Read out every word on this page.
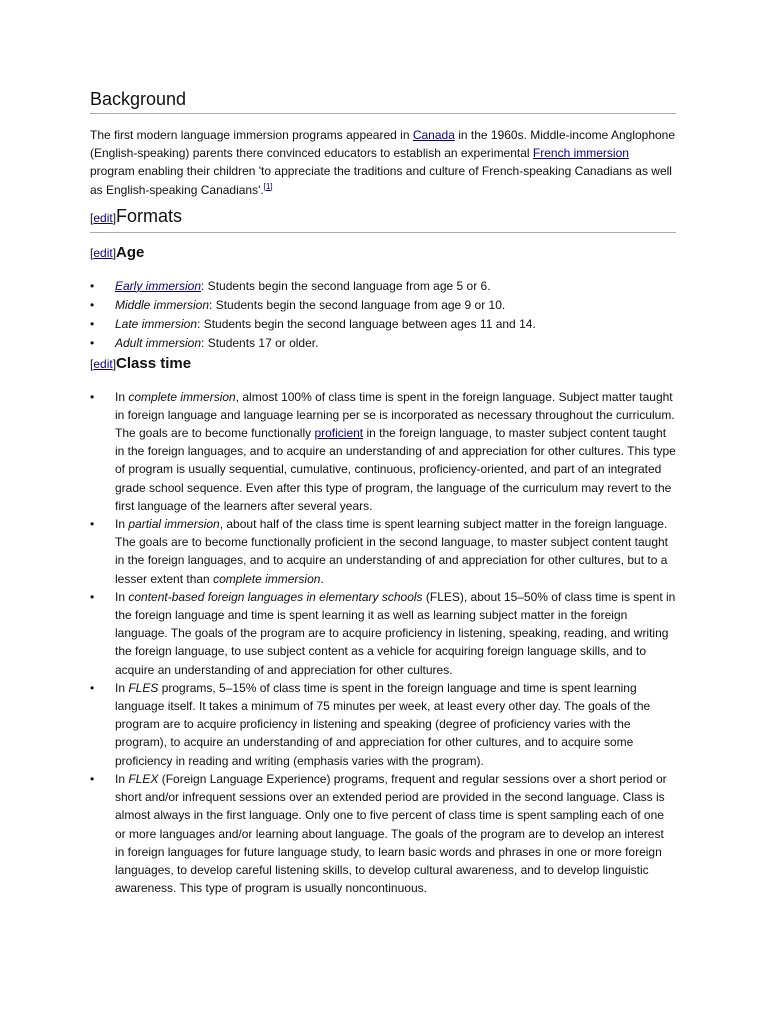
Background

The first modern language immersion programs appeared in Canada in the 1960s. Middle-income Anglophone (English-speaking) parents there convinced educators to establish an experimental French immersion program enabling their children 'to appreciate the traditions and culture of French-speaking Canadians as well as English-speaking Canadians'.[1]

[edit]Formats
[edit]Age
• Early immersion: Students begin the second language from age 5 or 6.
• Middle immersion: Students begin the second language from age 9 or 10.
• Late immersion: Students begin the second language between ages 11 and 14.
• Adult immersion: Students 17 or older.
[edit]Class time
• In complete immersion, almost 100% of class time is spent in the foreign language. Subject matter taught in foreign language and language learning per se is incorporated as necessary throughout the curriculum. The goals are to become functionally proficient in the foreign language, to master subject content taught in the foreign languages, and to acquire an understanding of and appreciation for other cultures. This type of program is usually sequential, cumulative, continuous, proficiency-oriented, and part of an integrated grade school sequence. Even after this type of program, the language of the curriculum may revert to the first language of the learners after several years.
• In partial immersion, about half of the class time is spent learning subject matter in the foreign language. The goals are to become functionally proficient in the second language, to master subject content taught in the foreign languages, and to acquire an understanding of and appreciation for other cultures, but to a lesser extent than complete immersion.
• In content-based foreign languages in elementary schools (FLES), about 15–50% of class time is spent in the foreign language and time is spent learning it as well as learning subject matter in the foreign language. The goals of the program are to acquire proficiency in listening, speaking, reading, and writing the foreign language, to use subject content as a vehicle for acquiring foreign language skills, and to acquire an understanding of and appreciation for other cultures.
• In FLES programs, 5–15% of class time is spent in the foreign language and time is spent learning language itself. It takes a minimum of 75 minutes per week, at least every other day. The goals of the program are to acquire proficiency in listening and speaking (degree of proficiency varies with the program), to acquire an understanding of and appreciation for other cultures, and to acquire some proficiency in reading and writing (emphasis varies with the program).
• In FLEX (Foreign Language Experience) programs, frequent and regular sessions over a short period or short and/or infrequent sessions over an extended period are provided in the second language. Class is almost always in the first language. Only one to five percent of class time is spent sampling each of one or more languages and/or learning about language. The goals of the program are to develop an interest in foreign languages for future language study, to learn basic words and phrases in one or more foreign languages, to develop careful listening skills, to develop cultural awareness, and to develop linguistic awareness. This type of program is usually noncontinuous.
